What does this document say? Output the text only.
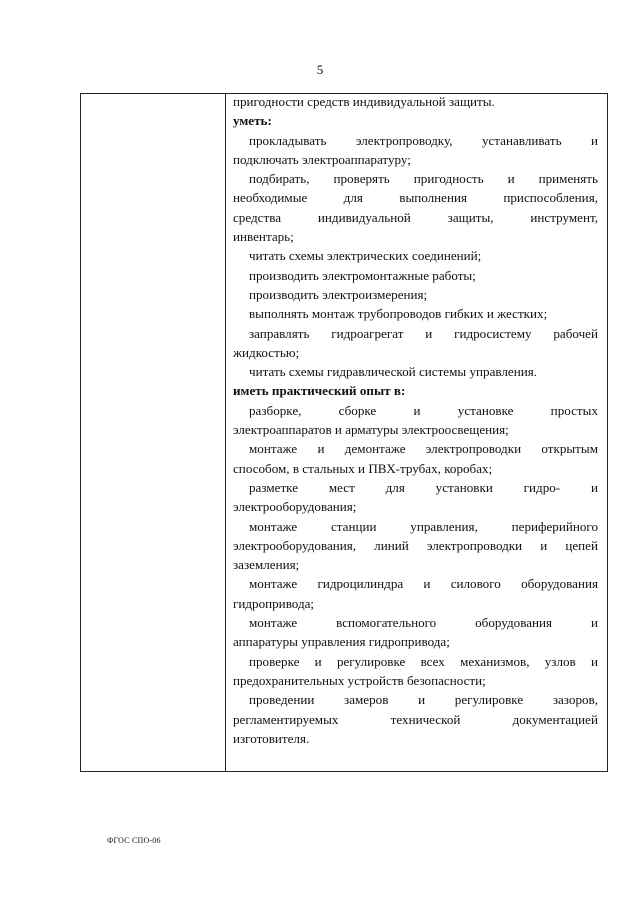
5

пригодности средств индивидуальной защиты.

уметь:

прокладывать электропроводку, устанавливать и

подключать электроаппаратуру;

подбирать, проверять пригодность и применять

необходимые для выполнения приспособления,

средства индивидуальной защиты, инструмент,

инвентарь;

читать схемы электрических соединений;

производить электромонтажные работы;

производить электроизмерения;

выполнять монтаж трубопроводов гибких и жестких;

заправлять гидроагрегат и гидросистему рабочей

жидкостью;

читать схемы гидравлической системы управления.

иметь практический опыт в:

разборке, сборке и установке простых

электроаппаратов и арматуры электроосвещения;

монтаже и демонтаже электропроводки открытым

способом, в стальных и ПВХ-трубах, коробах;

разметке мест для установки гидро- и

электрооборудования;

монтаже станции управления, периферийного

электрооборудования, линий электропроводки и цепей

заземления;

монтаже гидроцилиндра и силового оборудования

гидропривода;

монтаже вспомогательного оборудования и

аппаратуры управления гидропривода;

проверке и регулировке всех механизмов, узлов и

предохранительных устройств безопасности;

проведении замеров и регулировке зазоров,

регламентируемых технической документацией

изготовителя.

ФГОС СПО-06
